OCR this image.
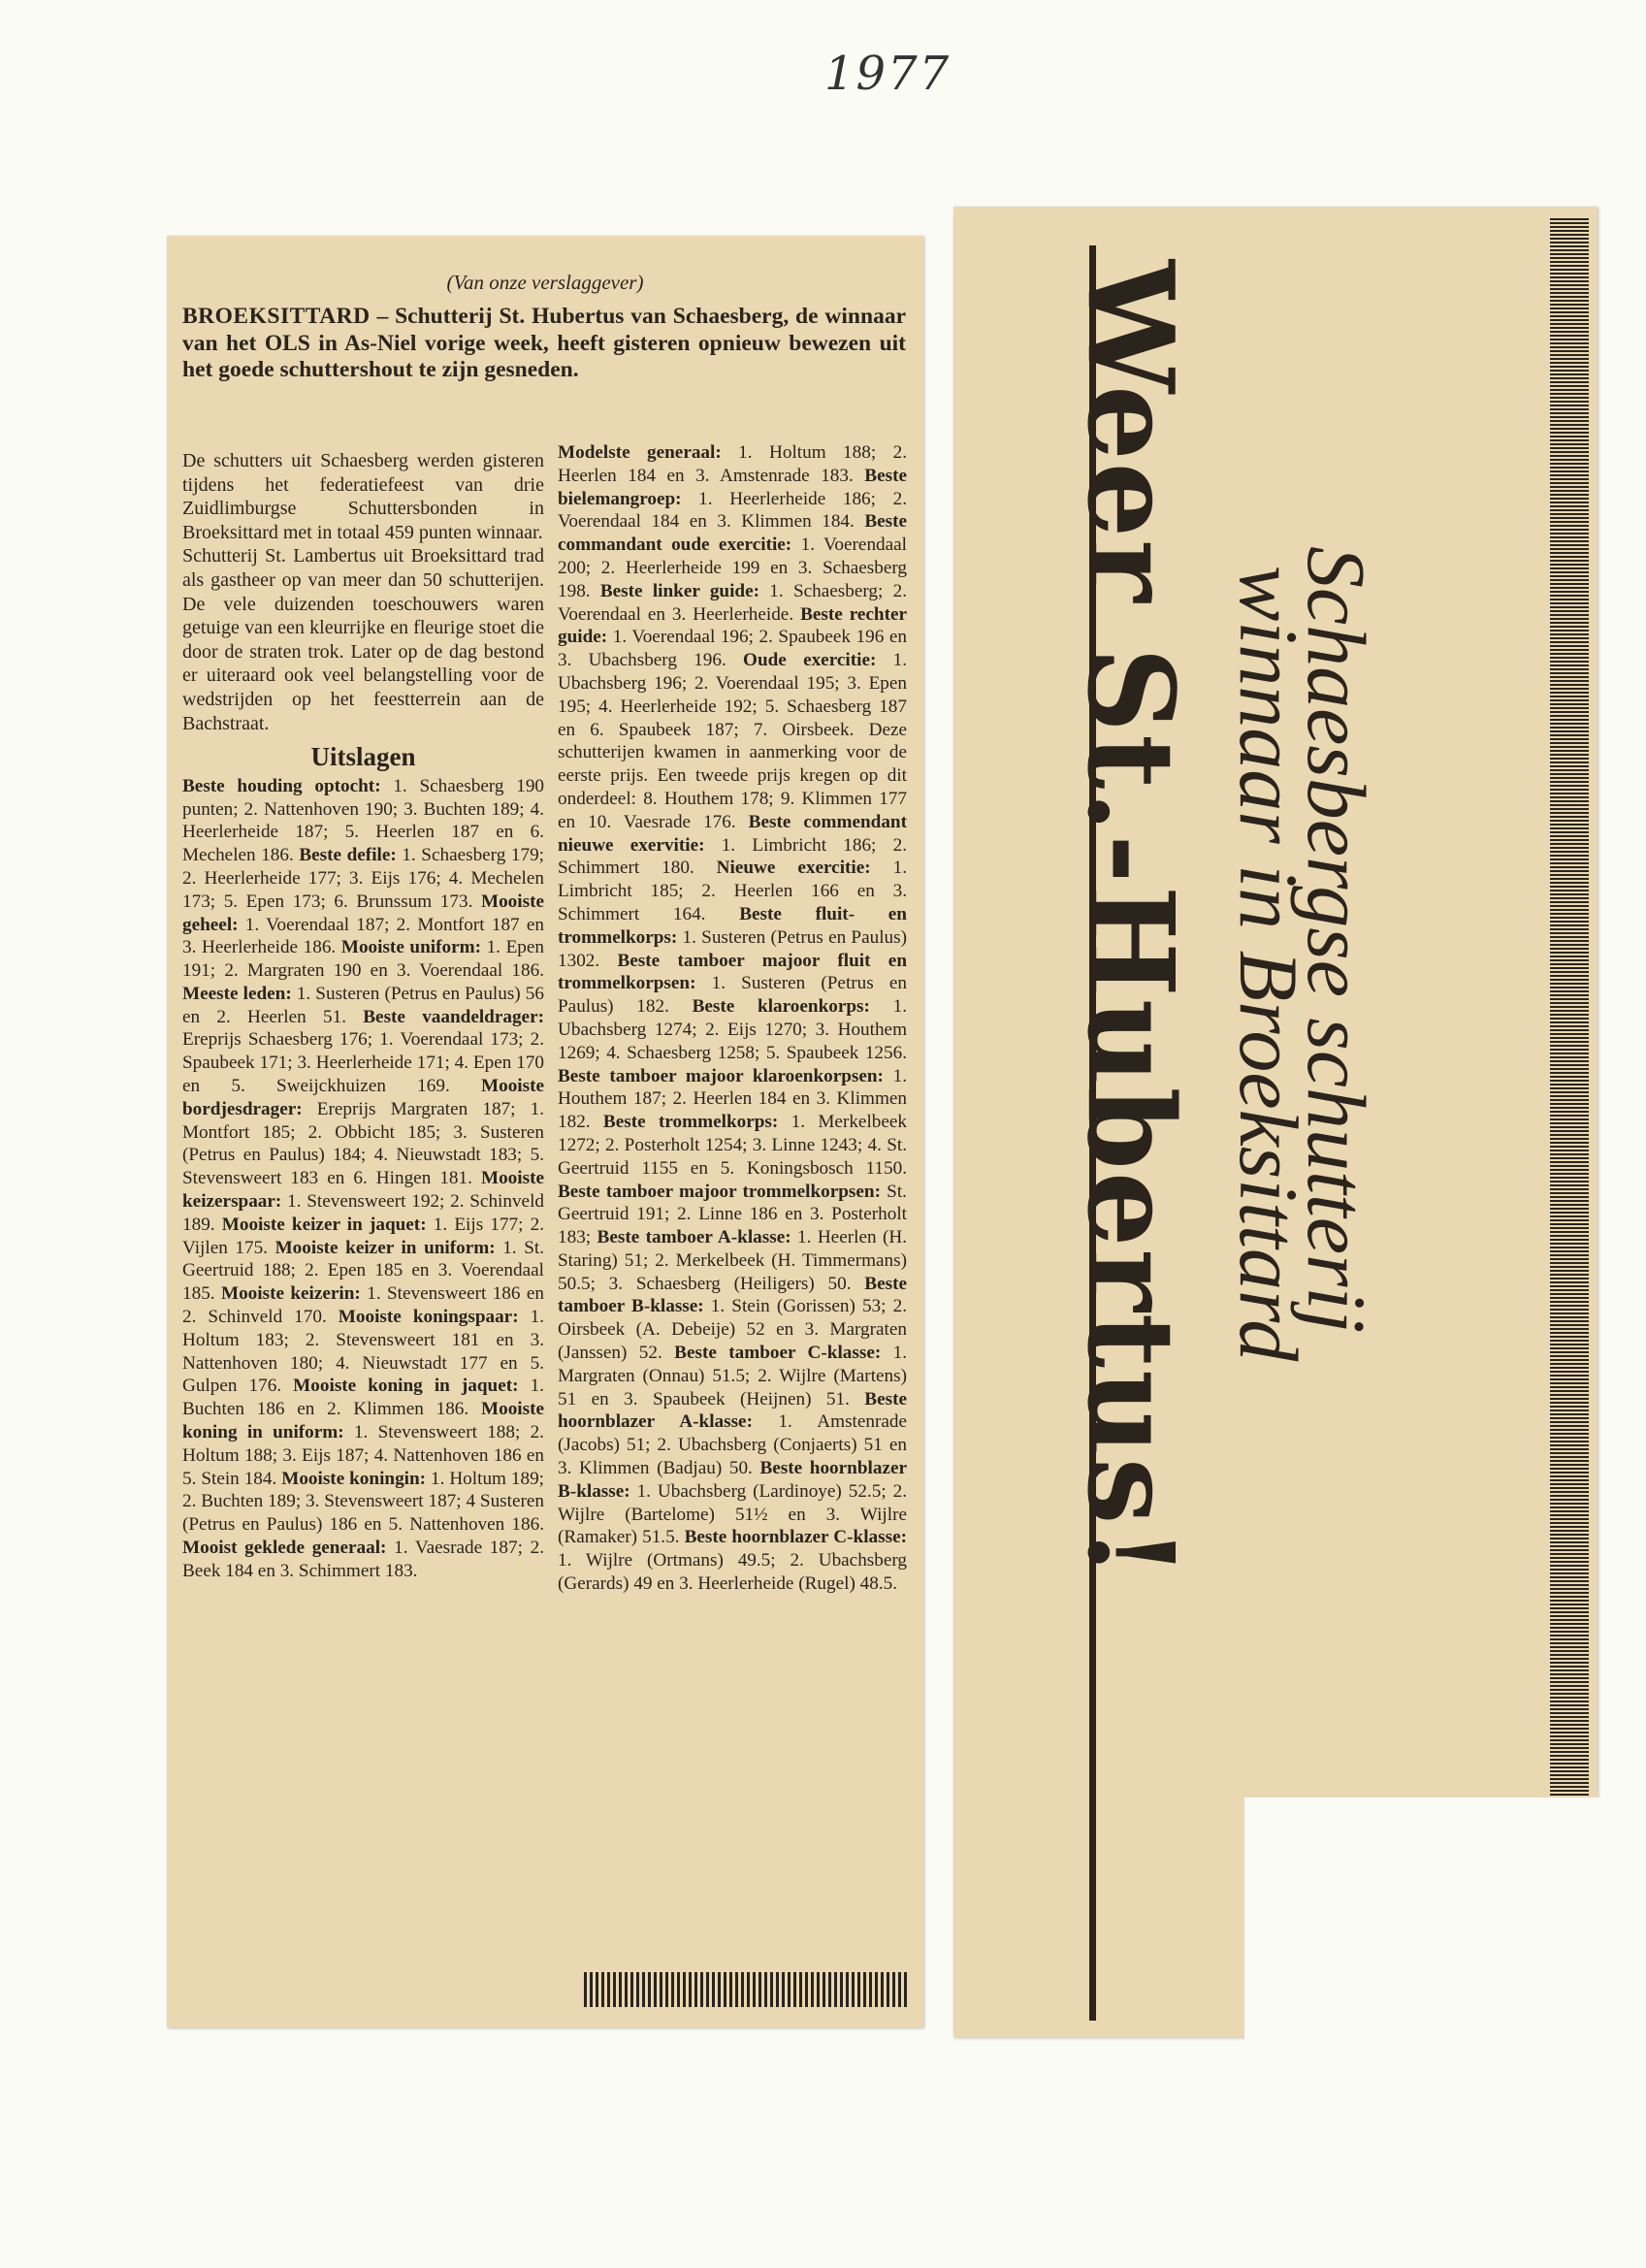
1977
(Van onze verslaggever)
BROEKSITTARD – Schutterij St. Hubertus van Schaesberg, de winnaar van het OLS in As-Niel vorige week, heeft gisteren opnieuw bewezen uit het goede schuttershout te zijn gesneden.

De schutters uit Schaesberg werden gisteren tijdens het federatiefeest van drie Zuidlimburgse Schuttersbonden in Broeksittard met in totaal 459 punten winnaar.

Schutterij St. Lambertus uit Broeksittard trad als gastheer op van meer dan 50 schutterijen. De vele duizenden toeschouwers waren getuige van een kleurrijke en fleurige stoet die door de straten trok. Later op de dag bestond er uiteraard ook veel belangstelling voor de wedstrijden op het feestterrein aan de Bachstraat.

Uitslagen

Beste houding optocht: 1. Schaesberg 190 punten; 2. Nattenhoven 190; 3. Buchten 189; 4. Heerlerheide 187; 5. Heerlen 187 en 6. Mechelen 186. Beste defile: 1. Schaesberg 179; 2. Heerlerheide 177; 3. Eijs 176; 4. Mechelen 173; 5. Epen 173; 6. Brunssum 173. Mooiste geheel: 1. Voerendaal 187; 2. Montfort 187 en 3. Heerlerheide 186. Mooiste uniform: 1. Epen 191; 2. Margraten 190 en 3. Voerendaal 186. Meeste leden: 1. Susteren (Petrus en Paulus) 56 en 2. Heerlen 51. Beste vaandeldrager: Ereprijs Schaesberg 176; 1. Voerendaal 173; 2. Spaubeek 171; 3. Heerlerheide 171; 4. Epen 170 en 5. Sweijckhuizen 169. Mooiste bordjesdrager: Ereprijs Margraten 187; 1. Montfort 185; 2. Obbicht 185; 3. Susteren (Petrus en Paulus) 184; 4. Nieuwstadt 183; 5. Stevensweert 183 en 6. Hingen 181. Mooiste keizerspaar: 1. Stevensweert 192; 2. Schinveld 189. Mooiste keizer in jaquet: 1. Eijs 177; 2. Vijlen 175. Mooiste keizer in uniform: 1. St. Geertruid 188; 2. Epen 185 en 3. Voerendaal 185. Mooiste keizerin: 1. Stevensweert 186 en 2. Schinveld 170. Mooiste koningspaar: 1. Holtum 183; 2. Stevensweert 181 en 3. Nattenhoven 180; 4. Nieuwstadt 177 en 5. Gulpen 176. Mooiste koning in jaquet: 1. Buchten 186 en 2. Klimmen 186. Mooiste koning in uniform: 1. Stevensweert 188; 2. Holtum 188; 3. Eijs 187; 4. Nattenhoven 186 en 5. Stein 184. Mooiste koningin: 1. Holtum 189; 2. Buchten 189; 3. Stevensweert 187; 4 Susteren (Petrus en Paulus) 186 en 5. Nattenhoven 186. Mooist geklede generaal: 1. Vaesrade 187; 2. Beek 184 en 3. Schimmert 183.

Modelste generaal: 1. Holtum 188; 2. Heerlen 184 en 3. Amstenrade 183. Beste bielemangroep: 1. Heerlerheide 186; 2. Voerendaal 184 en 3. Klimmen 184. Beste commandant oude exercitie: 1. Voerendaal 200; 2. Heerlerheide 199 en 3. Schaesberg 198. Beste linker guide: 1. Schaesberg; 2. Voerendaal en 3. Heerlerheide. Beste rechter guide: 1. Voerendaal 196; 2. Spaubeek 196 en 3. Ubachsberg 196. Oude exercitie: 1. Ubachsberg 196; 2. Voerendaal 195; 3. Epen 195; 4. Heerlerheide 192; 5. Schaesberg 187 en 6. Spaubeek 187; 7. Oirsbeek. Deze schutterijen kwamen in aanmerking voor de eerste prijs. Een tweede prijs kregen op dit onderdeel: 8. Houthem 178; 9. Klimmen 177 en 10. Vaesrade 176. Beste commendant nieuwe exervitie: 1. Limbricht 186; 2. Schimmert 180. Nieuwe exercitie: 1. Limbricht 185; 2. Heerlen 166 en 3. Schimmert 164. Beste fluit- en trommelkorps: 1. Susteren (Petrus en Paulus) 1302. Beste tamboer majoor fluit en trommelkorpsen: 1. Susteren (Petrus en Paulus) 182. Beste klaroenkorps: 1. Ubachsberg 1274; 2. Eijs 1270; 3. Houthem 1269; 4. Schaesberg 1258; 5. Spaubeek 1256. Beste tamboer majoor klaroenkorpsen: 1. Houthem 187; 2. Heerlen 184 en 3. Klimmen 182. Beste trommelkorps: 1. Merkelbeek 1272; 2. Posterholt 1254; 3. Linne 1243; 4. St. Geertruid 1155 en 5. Koningsbosch 1150. Beste tamboer majoor trommelkorpsen: St. Geertruid 191; 2. Linne 186 en 3. Posterholt 183; Beste tamboer A-klasse: 1. Heerlen (H. Staring) 51; 2. Merkelbeek (H. Timmermans) 50.5; 3. Schaesberg (Heiligers) 50. Beste tamboer B-klasse: 1. Stein (Gorissen) 53; 2. Oirsbeek (A. Debeije) 52 en 3. Margraten (Janssen) 52. Beste tamboer C-klasse: 1. Margraten (Onnau) 51.5; 2. Wijlre (Martens) 51 en 3. Spaubeek (Heijnen) 51. Beste hoornblazer A-klasse: 1. Amstenrade (Jacobs) 51; 2. Ubachsberg (Conjaerts) 51 en 3. Klimmen (Badjau) 50. Beste hoornblazer B-klasse: 1. Ubachsberg (Lardinoye) 52.5; 2. Wijlre (Bartelome) 51½ en 3. Wijlre (Ramaker) 51.5. Beste hoornblazer C-klasse: 1. Wijlre (Ortmans) 49.5; 2. Ubachsberg (Gerards) 49 en 3. Heerlerheide (Rugel) 48.5.

Weer St.-Hubertus! Schaesbergse schutterij
winnaar in Broeksittard
